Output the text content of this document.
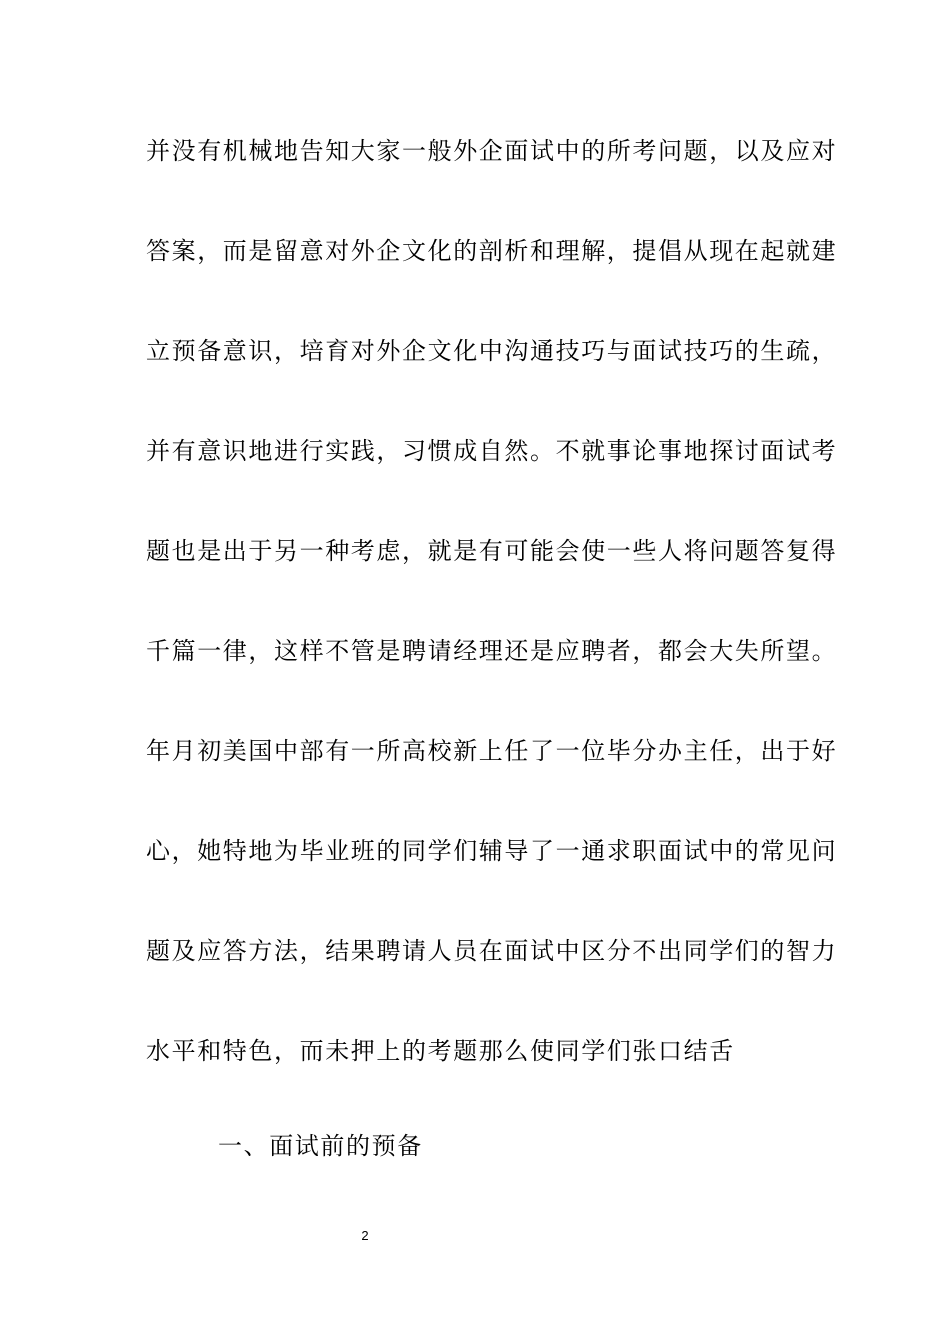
并没有机械地告知大家一般外企面试中的所考问题，以及应对
答案，而是留意对外企文化的剖析和理解，提倡从现在起就建
立预备意识，培育对外企文化中沟通技巧与面试技巧的生疏，
并有意识地进行实践，习惯成自然。不就事论事地探讨面试考
题也是出于另一种考虑，就是有可能会使一些人将问题答复得
千篇一律，这样不管是聘请经理还是应聘者，都会大失所望。
年月初美国中部有一所高校新上任了一位毕分办主任，出于好
心，她特地为毕业班的同学们辅导了一通求职面试中的常见问
题及应答方法，结果聘请人员在面试中区分不出同学们的智力
水平和特色，而未押上的考题那么使同学们张口结舌
一、面试前的预备
2
